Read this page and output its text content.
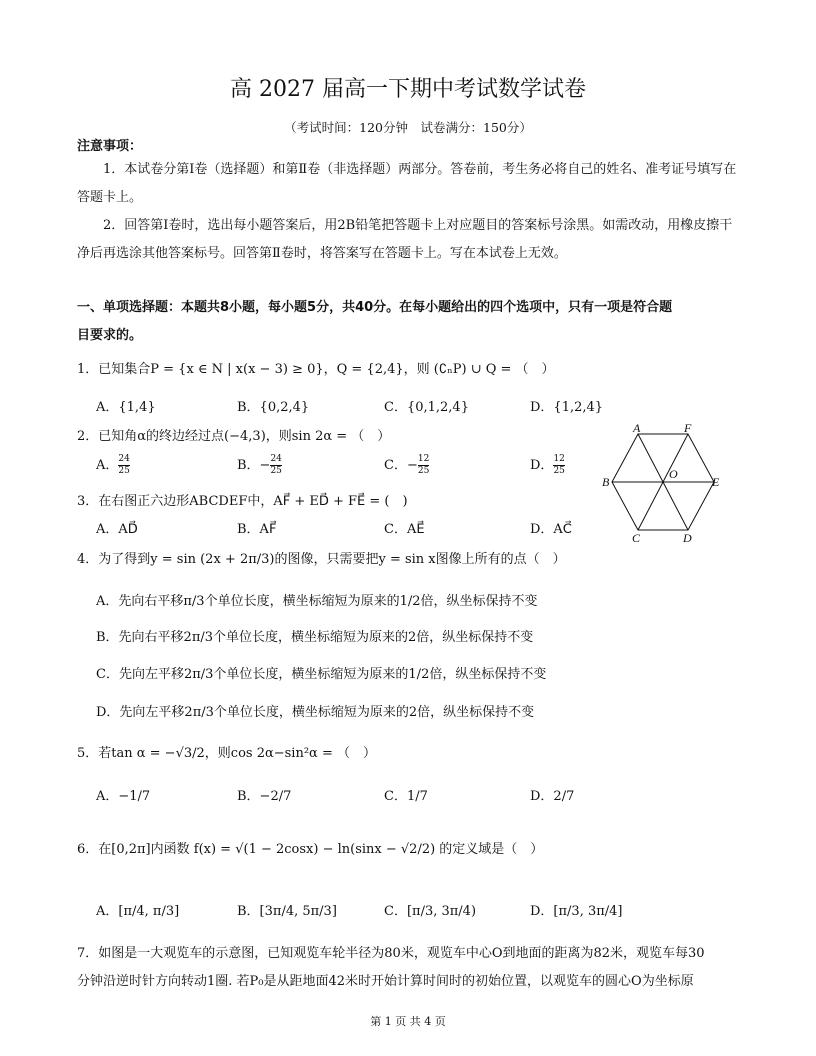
高 2027 届高一下期中考试数学试卷
（考试时间：120分钟　试卷满分：150分）
注意事项：
1．本试卷分第Ⅰ卷（选择题）和第Ⅱ卷（非选择题）两部分。答卷前，考生务必将自己的姓名、准考证号填写在答题卡上。
2．回答第Ⅰ卷时，选出每小题答案后，用2B铅笔把答题卡上对应题目的答案标号涂黑。如需改动，用橡皮擦干净后再选涂其他答案标号。回答第Ⅱ卷时，将答案写在答题卡上。写在本试卷上无效。
一、单项选择题：本题共8小题，每小题5分，共40分。在每小题给出的四个选项中，只有一项是符合题
目要求的。
1．已知集合P = {x ∈ N | x(x − 3) ≥ 0}，Q = {2,4}，则 (∁ₙP) ∪ Q = （　）
A．{1,4}	B．{0,2,4}	C．{0,1,2,4}	D．{1,2,4}
2．已知角α的终边经过点(−4,3)，则sin 2α = （　）
A． $\frac{24}{25}$	B．− $\frac{24}{25}$	C．− $\frac{12}{25}$	D． $\frac{12}{25}$
A	F
B
O
E
C	D
3．在右图正六边形ABCDEF中，AF⃗ + ED⃗ + FE⃗ = (　)
A．AD⃗	B．AF⃗	C．AE⃗	D．AC⃗
4．为了得到y = sin (2x + 2π/3)的图像，只需要把y = sin x图像上所有的点（　）
A．先向右平移π/3个单位长度，横坐标缩短为原来的1/2倍，纵坐标保持不变
B．先向右平移2π/3个单位长度，横坐标缩短为原来的2倍，纵坐标保持不变
C．先向左平移2π/3个单位长度，横坐标缩短为原来的1/2倍，纵坐标保持不变
D．先向左平移2π/3个单位长度，横坐标缩短为原来的2倍，纵坐标保持不变
5．若tan α = −√3/2，则cos 2α−sin²α = （　）
A．−1/7	B．−2/7	C．1/7	D．2/7
6．在[0,2π]内函数 f(x) = √(1 − 2cosx) − ln(sinx − √2/2) 的定义域是（　）
A．[π/4, π/3]	B．[3π/4, 5π/3]	C．[π/3, 3π/4)	D．[π/3, 3π/4]
7．如图是一大观览车的示意图，已知观览车轮半径为80米，观览车中心O到地面的距离为82米，观览车每30
分钟沿逆时针方向转动1圈. 若P₀是从距地面42米时开始计算时间时的初始位置，以观览车的圆心O为坐标原
第 1 页 共 4 页
